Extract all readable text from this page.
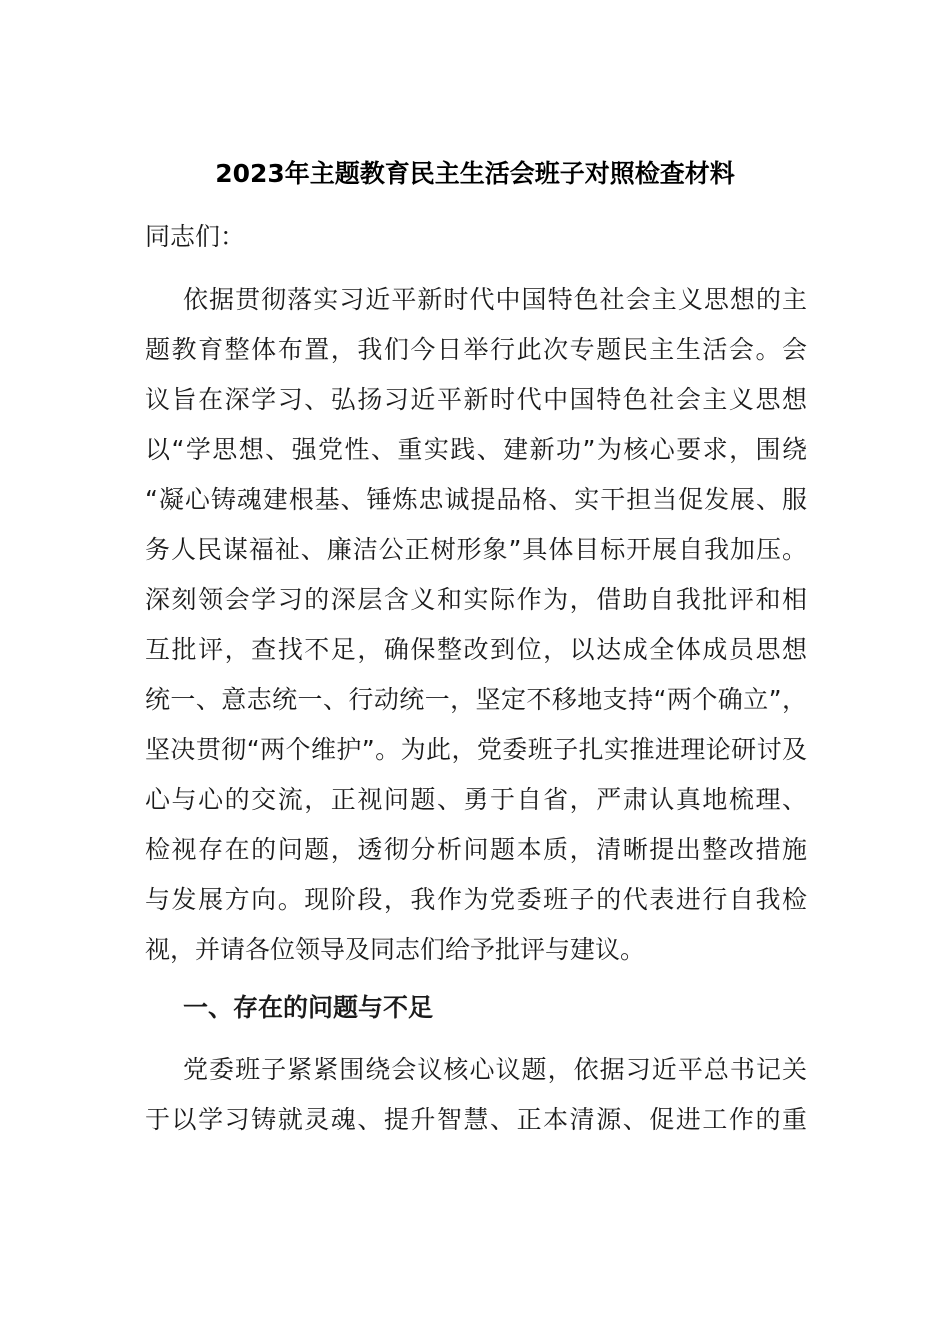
2023年主题教育民主生活会班子对照检查材料

同志们：

依据贯彻落实习近平新时代中国特色社会主义思想的主
题教育整体布置，我们今日举行此次专题民主生活会。会
议旨在深学习、弘扬习近平新时代中国特色社会主义思想
以“学思想、强党性、重实践、建新功”为核心要求，围绕
“凝心铸魂建根基、锤炼忠诚提品格、实干担当促发展、服
务人民谋福祉、廉洁公正树形象”具体目标开展自我加压。
深刻领会学习的深层含义和实际作为，借助自我批评和相
互批评，查找不足，确保整改到位，以达成全体成员思想
统一、意志统一、行动统一，坚定不移地支持“两个确立”，
坚决贯彻“两个维护”。为此，党委班子扎实推进理论研讨及
心与心的交流，正视问题、勇于自省，严肃认真地梳理、
检视存在的问题，透彻分析问题本质，清晰提出整改措施
与发展方向。现阶段，我作为党委班子的代表进行自我检
视，并请各位领导及同志们给予批评与建议。
一、存在的问题与不足
党委班子紧紧围绕会议核心议题，依据习近平总书记关
于以学习铸就灵魂、提升智慧、正本清源、促进工作的重
